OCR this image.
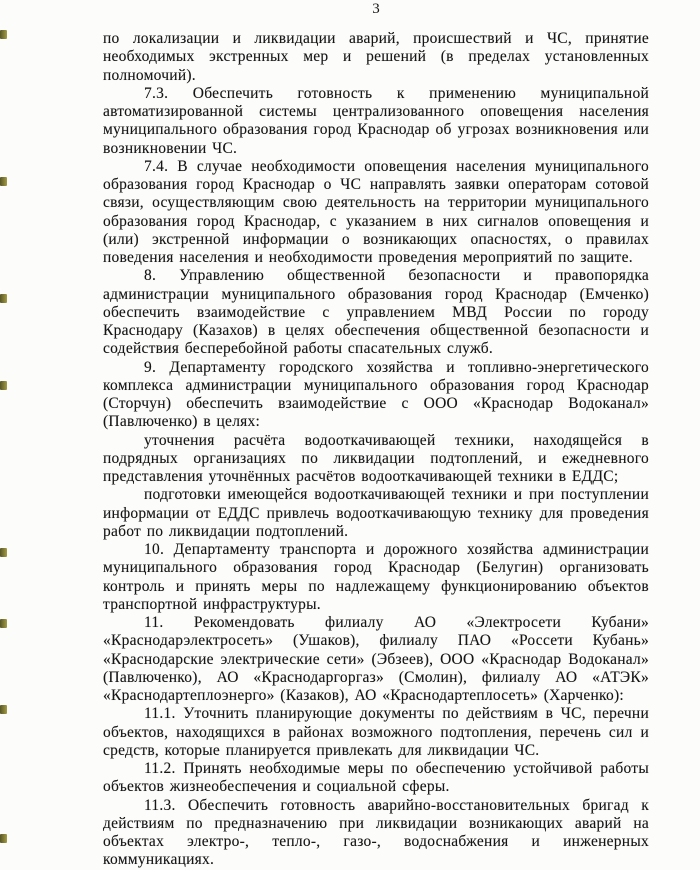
3

по локализации и ликвидации аварий, происшествий и ЧС, принятие необходимых экстренных мер и решений (в пределах установленных полномочий).

7.3. Обеспечить готовность к применению муниципальной автоматизированной системы централизованного оповещения населения муниципального образования город Краснодар об угрозах возникновения или возникновении ЧС.

7.4. В случае необходимости оповещения населения муниципального образования город Краснодар о ЧС направлять заявки операторам сотовой связи, осуществляющим свою деятельность на территории муниципального образования город Краснодар, с указанием в них сигналов оповещения и (или) экстренной информации о возникающих опасностях, о правилах поведения населения и необходимости проведения мероприятий по защите.

8. Управлению общественной безопасности и правопорядка администрации муниципального образования город Краснодар (Емченко) обеспечить взаимодействие с управлением МВД России по городу Краснодару (Казахов) в целях обеспечения общественной безопасности и содействия бесперебойной работы спасательных служб.

9. Департаменту городского хозяйства и топливно-энергетического комплекса администрации муниципального образования город Краснодар (Сторчун) обеспечить взаимодействие с ООО «Краснодар Водоканал» (Павлюченко) в целях:

уточнения расчёта водооткачивающей техники, находящейся в подрядных организациях по ликвидации подтоплений, и ежедневного представления уточнённых расчётов водооткачивающей техники в ЕДДС;

подготовки имеющейся водооткачивающей техники и при поступлении информации от ЕДДС привлечь водооткачивающую технику для проведения работ по ликвидации подтоплений.

10. Департаменту транспорта и дорожного хозяйства администрации муниципального образования город Краснодар (Белугин) организовать контроль и принять меры по надлежащему функционированию объектов транспортной инфраструктуры.

11. Рекомендовать филиалу АО «Электросети Кубани» «Краснодарэлектросеть» (Ушаков), филиалу ПАО «Россети Кубань» «Краснодарские электрические сети» (Эбзеев), ООО «Краснодар Водоканал» (Павлюченко), АО «Краснодаргоргаз» (Смолин), филиалу АО «АТЭК» «Краснодартеплоэнерго» (Казаков), АО «Краснодартеплосеть» (Харченко):

11.1. Уточнить планирующие документы по действиям в ЧС, перечни объектов, находящихся в районах возможного подтопления, перечень сил и средств, которые планируется привлекать для ликвидации ЧС.

11.2. Принять необходимые меры по обеспечению устойчивой работы объектов жизнеобеспечения и социальной сферы.

11.3. Обеспечить готовность аварийно-восстановительных бригад к действиям по предназначению при ликвидации возникающих аварий на объектах электро-, тепло-, газо-, водоснабжения и инженерных коммуникациях.
